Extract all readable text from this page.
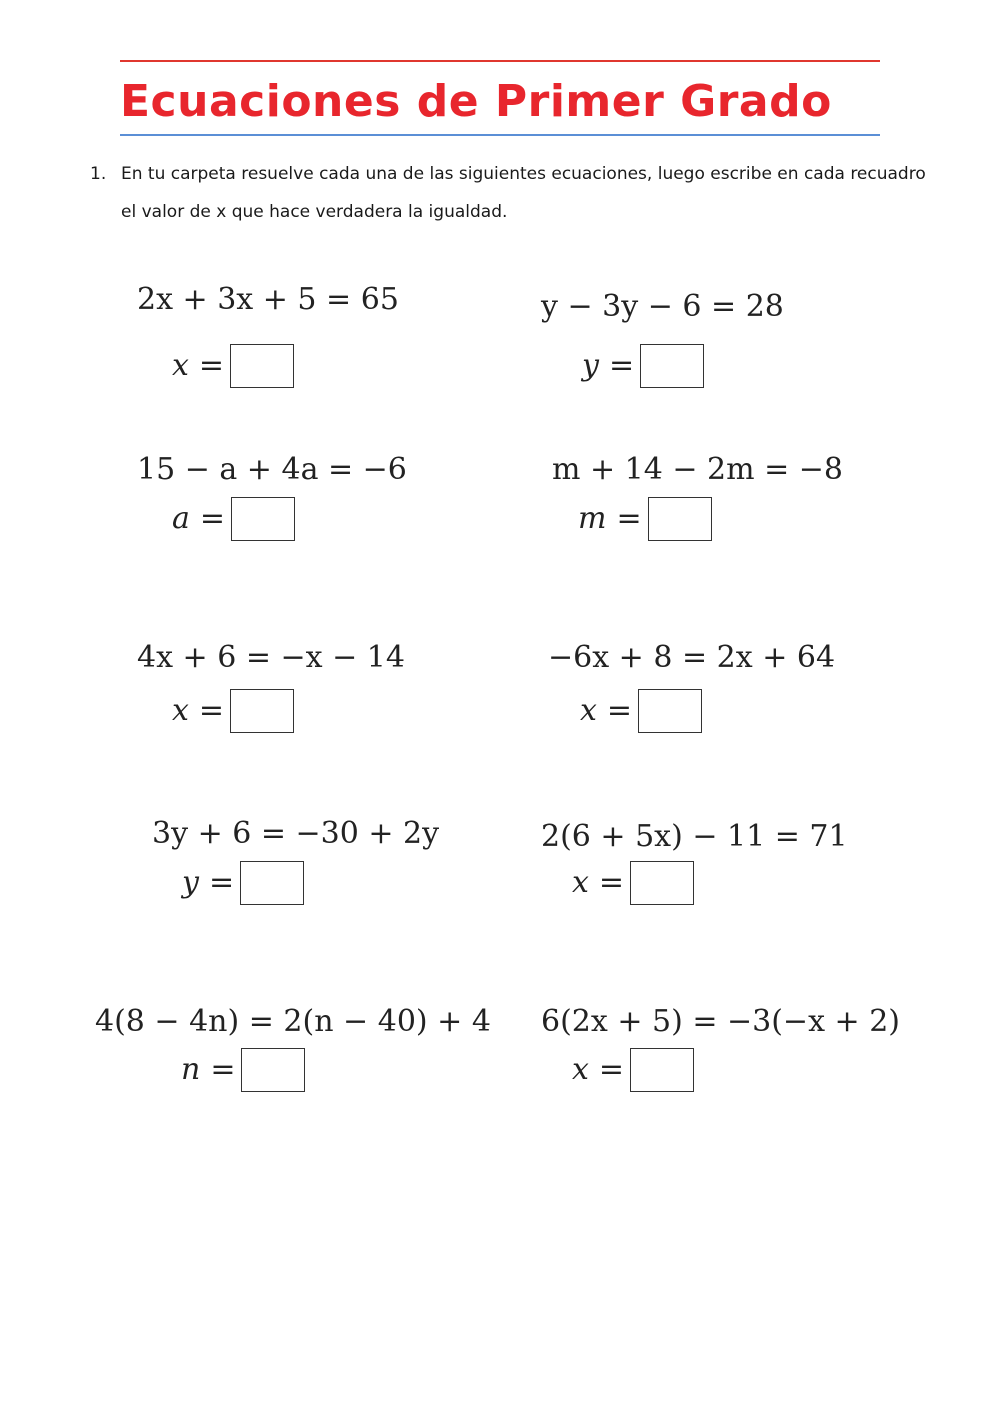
Ecuaciones de Primer Grado
1. En tu carpeta resuelve cada una de las siguientes ecuaciones, luego escribe en cada recuadro el valor de x que hace verdadera la igualdad.
2x + 3x + 5 = 65
x =
y − 3y − 6 = 28
y =
15 − a + 4a = −6
a =
m + 14 − 2m = −8
m =
4x + 6 = −x − 14
x =
−6x + 8 = 2x + 64
x =
3y + 6 = −30 + 2y
y =
2(6 + 5x) − 11 = 71
x =
4(8 − 4n) = 2(n − 40) + 4
n =
6(2x + 5) = −3(−x + 2)
x =
